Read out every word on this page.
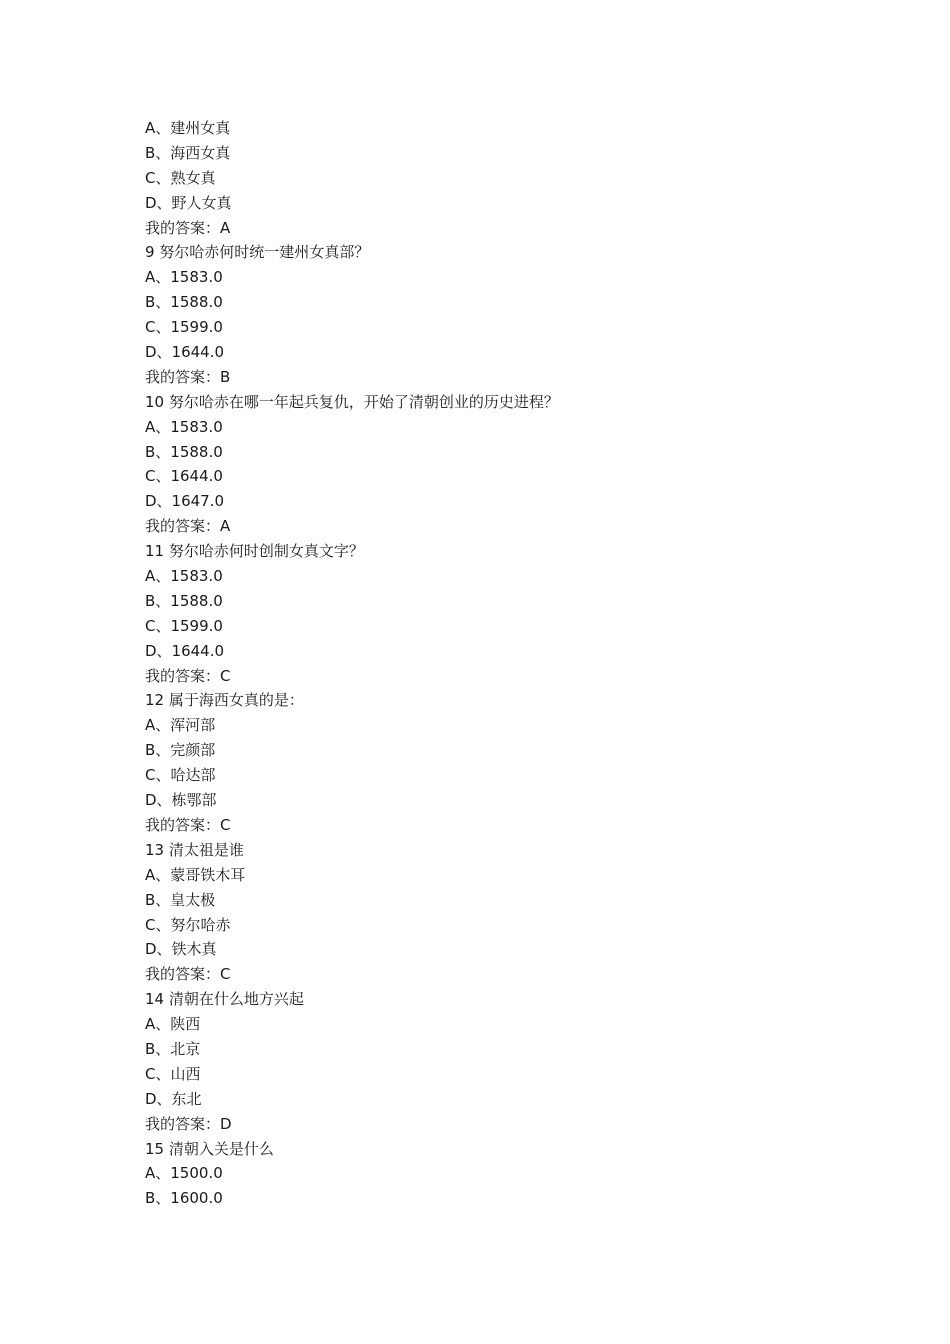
A、建州女真
B、海西女真
C、熟女真
D、野人女真
我的答案：A
9 努尔哈赤何时统一建州女真部？
A、1583.0
B、1588.0
C、1599.0
D、1644.0
我的答案：B
10 努尔哈赤在哪一年起兵复仇，开始了清朝创业的历史进程？
A、1583.0
B、1588.0
C、1644.0
D、1647.0
我的答案：A
11 努尔哈赤何时创制女真文字？
A、1583.0
B、1588.0
C、1599.0
D、1644.0
我的答案：C
12 属于海西女真的是：
A、浑河部
B、完颜部
C、哈达部
D、栋鄂部
我的答案：C
13 清太祖是谁
A、蒙哥铁木耳
B、皇太极
C、努尔哈赤
D、铁木真
我的答案：C
14 清朝在什么地方兴起
A、陕西
B、北京
C、山西
D、东北
我的答案：D
15 清朝入关是什么
A、1500.0
B、1600.0
